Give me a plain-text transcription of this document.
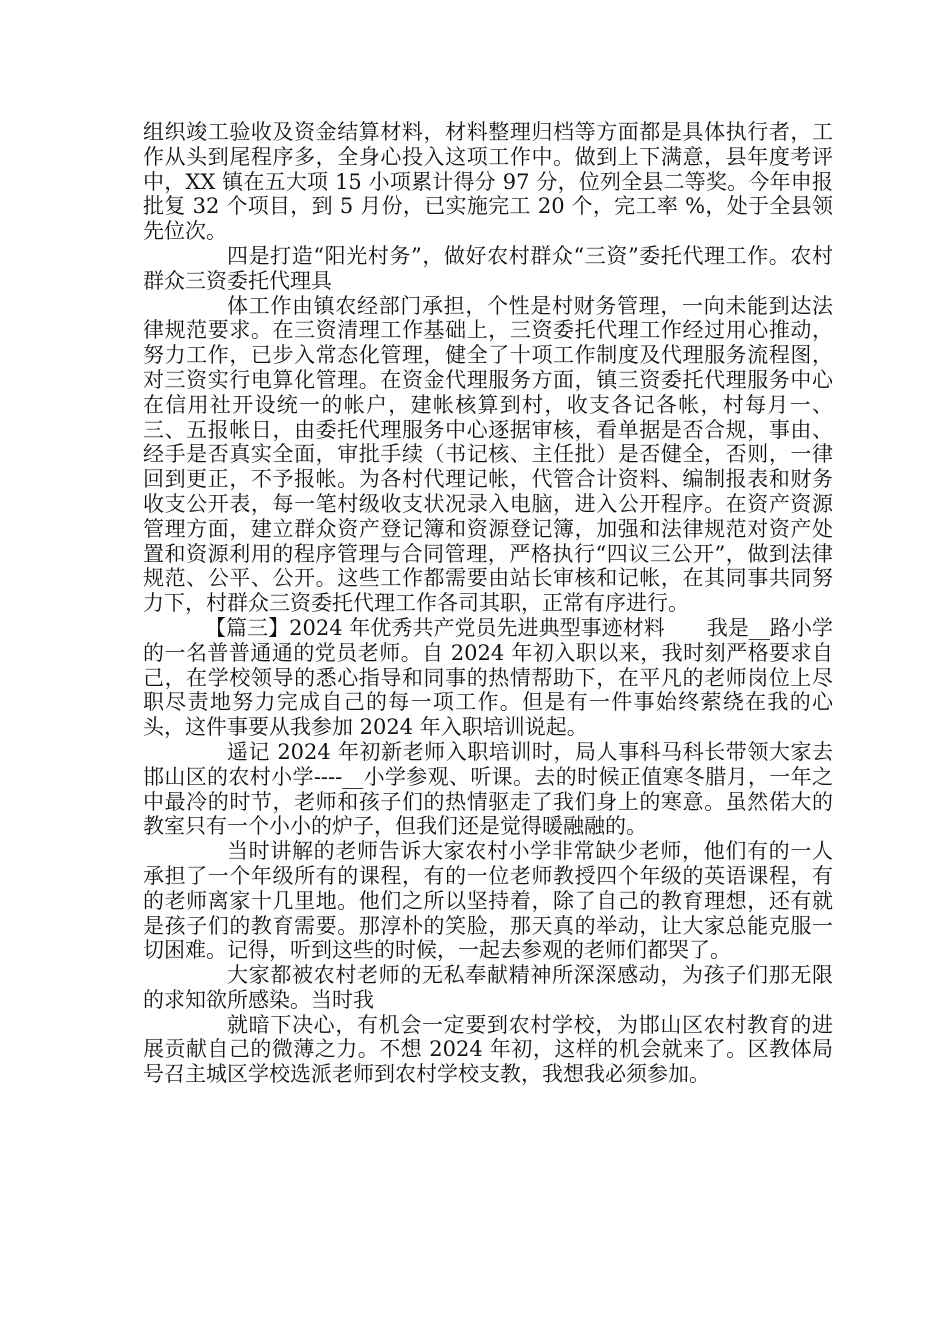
组织竣工验收及资金结算材料，材料整理归档等方面都是具体执行者，工作从头到尾程序多，全身心投入这项工作中。做到上下满意，县年度考评中，XX 镇在五大项 15 小项累计得分 97 分，位列全县二等奖。今年申报批复 32 个项目，到 5 月份，已实施完工 20 个，完工率 %，处于全县领先位次。

四是打造“阳光村务”，做好农村群众“三资”委托代理工作。农村群众三资委托代理具

体工作由镇农经部门承担，个性是村财务管理，一向未能到达法律规范要求。在三资清理工作基础上，三资委托代理工作经过用心推动，努力工作，已步入常态化管理，健全了十项工作制度及代理服务流程图，对三资实行电算化管理。在资金代理服务方面，镇三资委托代理服务中心在信用社开设统一的帐户，建帐核算到村，收支各记各帐，村每月一、三、五报帐日，由委托代理服务中心逐据审核，看单据是否合规，事由、经手是否真实全面，审批手续（书记核、主任批）是否健全，否则，一律回到更正，不予报帐。为各村代理记帐，代管合计资料、编制报表和财务收支公开表，每一笔村级收支状况录入电脑，进入公开程序。在资产资源管理方面，建立群众资产登记簿和资源登记簿，加强和法律规范对资产处置和资源利用的程序管理与合同管理，严格执行“四议三公开”，做到法律规范、公平、公开。这些工作都需要由站长审核和记帐，在其同事共同努力下，村群众三资委托代理工作各司其职，正常有序进行。

【篇三】2024 年优秀共产党员先进典型事迹材料　　我是__路小学的一名普普通通的党员老师。自 2024 年初入职以来，我时刻严格要求自己，在学校领导的悉心指导和同事的热情帮助下，在平凡的老师岗位上尽职尽责地努力完成自己的每一项工作。但是有一件事始终萦绕在我的心头，这件事要从我参加 2024 年入职培训说起。

遥记 2024 年初新老师入职培训时，局人事科马科长带领大家去邯山区的农村小学----__小学参观、听课。去的时候正值寒冬腊月，一年之中最冷的时节，老师和孩子们的热情驱走了我们身上的寒意。虽然偌大的教室只有一个小小的炉子，但我们还是觉得暖融融的。

当时讲解的老师告诉大家农村小学非常缺少老师，他们有的一人承担了一个年级所有的课程，有的一位老师教授四个年级的英语课程，有的老师离家十几里地。他们之所以坚持着，除了自己的教育理想，还有就是孩子们的教育需要。那淳朴的笑脸，那天真的举动，让大家总能克服一切困难。记得，听到这些的时候，一起去参观的老师们都哭了。

大家都被农村老师的无私奉献精神所深深感动，为孩子们那无限的求知欲所感染。当时我

就暗下决心，有机会一定要到农村学校，为邯山区农村教育的进展贡献自己的微薄之力。不想 2024 年初，这样的机会就来了。区教体局号召主城区学校选派老师到农村学校支教，我想我必须参加。
